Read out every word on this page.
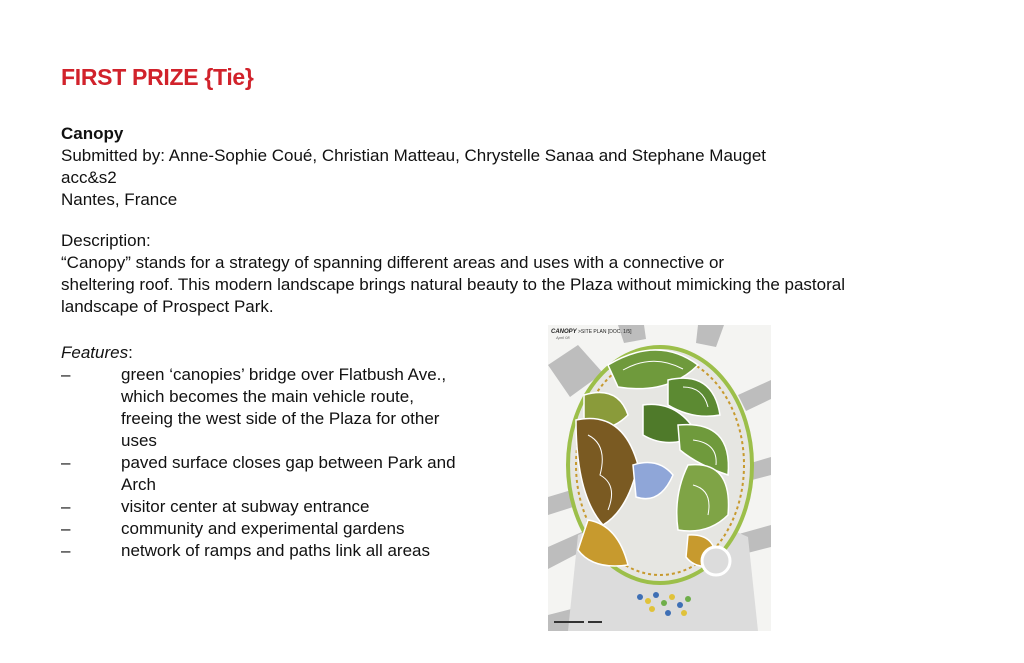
FIRST PRIZE {Tie}

Canopy

Submitted by: Anne-Sophie Coué, Christian Matteau, Chrystelle Sanaa and Stephane Mauget

acc&s2

Nantes, France

Description:

“Canopy” stands for a strategy of spanning different areas and uses with a connective or

sheltering roof. This modern landscape brings natural beauty to the Plaza without mimicking the pastoral

landscape of Prospect Park.

Features:
–	green ‘canopies’ bridge over Flatbush Ave.,
which becomes the main vehicle route,
freeing the west side of the Plaza for other
uses
–	paved surface closes gap between Park and
Arch
–	visitor center at subway entrance
–	community and experimental gardens
–	network of ramps and paths link all areas
CANOPY >SITE PLAN [DOC. 1/5]
April 08
